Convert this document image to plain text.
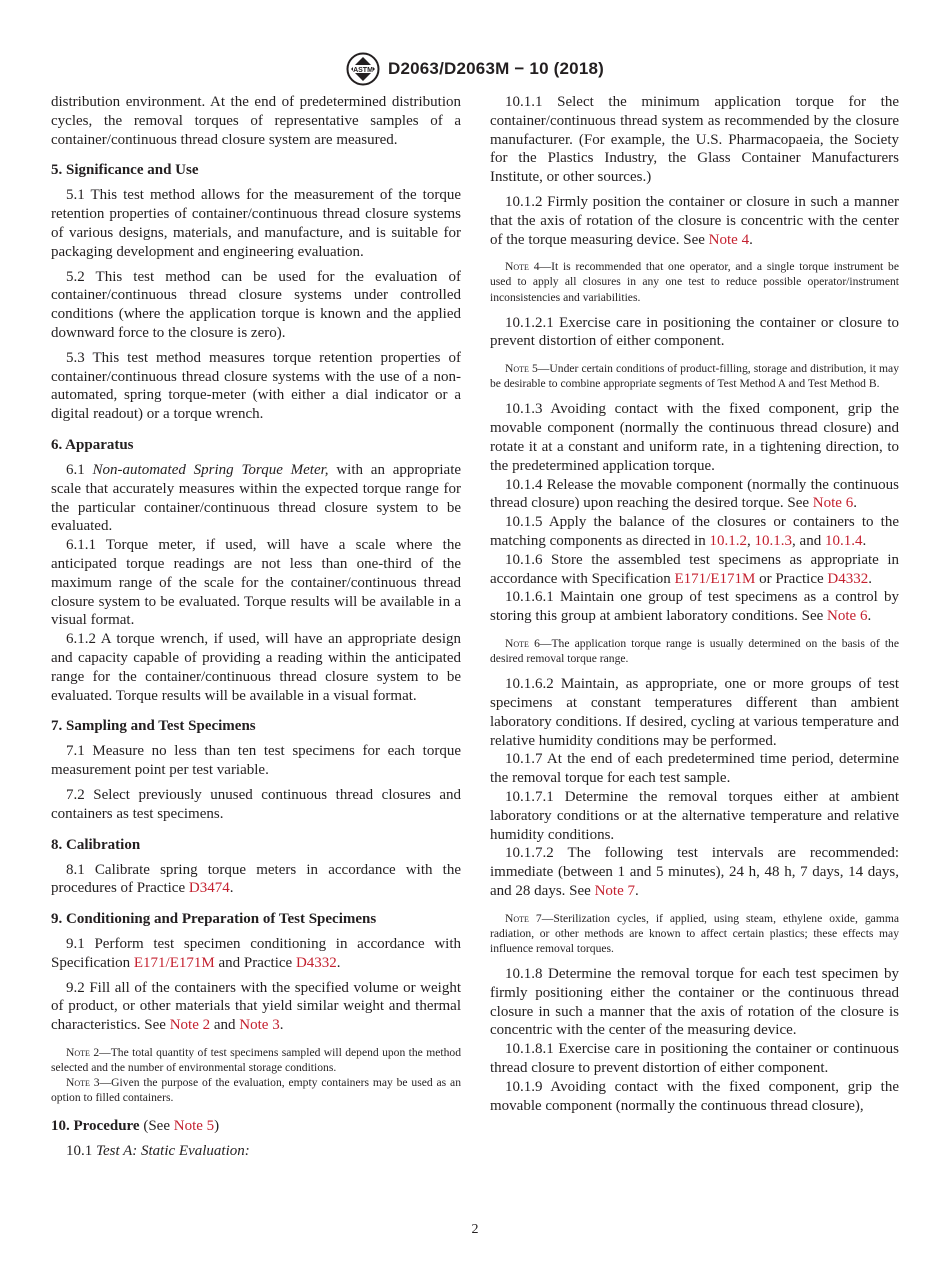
ASTM D2063/D2063M − 10 (2018)

distribution environment. At the end of predetermined distribution cycles, the removal torques of representative samples of a container/continuous thread closure system are measured.

5. Significance and Use

5.1 This test method allows for the measurement of the torque retention properties of container/continuous thread closure systems of various designs, materials, and manufacture, and is suitable for packaging development and engineering evaluation.

5.2 This test method can be used for the evaluation of container/continuous thread closure systems under controlled conditions (where the application torque is known and the applied downward force to the closure is zero).

5.3 This test method measures torque retention properties of container/continuous thread closure systems with the use of a non-automated, spring torque-meter (with either a dial indicator or a digital readout) or a torque wrench.

6. Apparatus

6.1 Non-automated Spring Torque Meter, with an appropriate scale that accurately measures within the expected torque range for the particular container/continuous thread closure system to be evaluated.

6.1.1 Torque meter, if used, will have a scale where the anticipated torque readings are not less than one-third of the maximum range of the scale for the container/continuous thread closure system to be evaluated. Torque results will be available in a visual format.

6.1.2 A torque wrench, if used, will have an appropriate design and capacity capable of providing a reading within the anticipated range for the container/continuous thread closure system to be evaluated. Torque results will be available in a visual format.

7. Sampling and Test Specimens

7.1 Measure no less than ten test specimens for each torque measurement point per test variable.

7.2 Select previously unused continuous thread closures and containers as test specimens.

8. Calibration

8.1 Calibrate spring torque meters in accordance with the procedures of Practice D3474.

9. Conditioning and Preparation of Test Specimens

9.1 Perform test specimen conditioning in accordance with Specification E171/E171M and Practice D4332.

9.2 Fill all of the containers with the specified volume or weight of product, or other materials that yield similar weight and thermal characteristics. See Note 2 and Note 3.

Note 2—The total quantity of test specimens sampled will depend upon the method selected and the number of environmental storage conditions.

Note 3—Given the purpose of the evaluation, empty containers may be used as an option to filled containers.

10. Procedure (See Note 5)

10.1 Test A: Static Evaluation:

10.1.1 Select the minimum application torque for the container/continuous thread system as recommended by the closure manufacturer. (For example, the U.S. Pharmacopaeia, the Society for the Plastics Industry, the Glass Container Manufacturers Institute, or other sources.)

10.1.2 Firmly position the container or closure in such a manner that the axis of rotation of the closure is concentric with the center of the torque measuring device. See Note 4.

Note 4—It is recommended that one operator, and a single torque instrument be used to apply all closures in any one test to reduce possible operator/instrument inconsistencies and variabilities.

10.1.2.1 Exercise care in positioning the container or closure to prevent distortion of either component.

Note 5—Under certain conditions of product-filling, storage and distribution, it may be desirable to combine appropriate segments of Test Method A and Test Method B.

10.1.3 Avoiding contact with the fixed component, grip the movable component (normally the continuous thread closure) and rotate it at a constant and uniform rate, in a tightening direction, to the predetermined application torque.

10.1.4 Release the movable component (normally the continuous thread closure) upon reaching the desired torque. See Note 6.

10.1.5 Apply the balance of the closures or containers to the matching components as directed in 10.1.2, 10.1.3, and 10.1.4.

10.1.6 Store the assembled test specimens as appropriate in accordance with Specification E171/E171M or Practice D4332.

10.1.6.1 Maintain one group of test specimens as a control by storing this group at ambient laboratory conditions. See Note 6.

Note 6—The application torque range is usually determined on the basis of the desired removal torque range.

10.1.6.2 Maintain, as appropriate, one or more groups of test specimens at constant temperatures different than ambient laboratory conditions. If desired, cycling at various temperature and relative humidity conditions may be performed.

10.1.7 At the end of each predetermined time period, determine the removal torque for each test sample.

10.1.7.1 Determine the removal torques either at ambient laboratory conditions or at the alternative temperature and relative humidity conditions.

10.1.7.2 The following test intervals are recommended: immediate (between 1 and 5 minutes), 24 h, 48 h, 7 days, 14 days, and 28 days. See Note 7.

Note 7—Sterilization cycles, if applied, using steam, ethylene oxide, gamma radiation, or other methods are known to affect certain plastics; these effects may influence removal torques.

10.1.8 Determine the removal torque for each test specimen by firmly positioning either the container or the continuous thread closure in such a manner that the axis of rotation of the closure is concentric with the center of the measuring device.

10.1.8.1 Exercise care in positioning the container or continuous thread closure to prevent distortion of either component.

10.1.9 Avoiding contact with the fixed component, grip the movable component (normally the continuous thread closure),

2
